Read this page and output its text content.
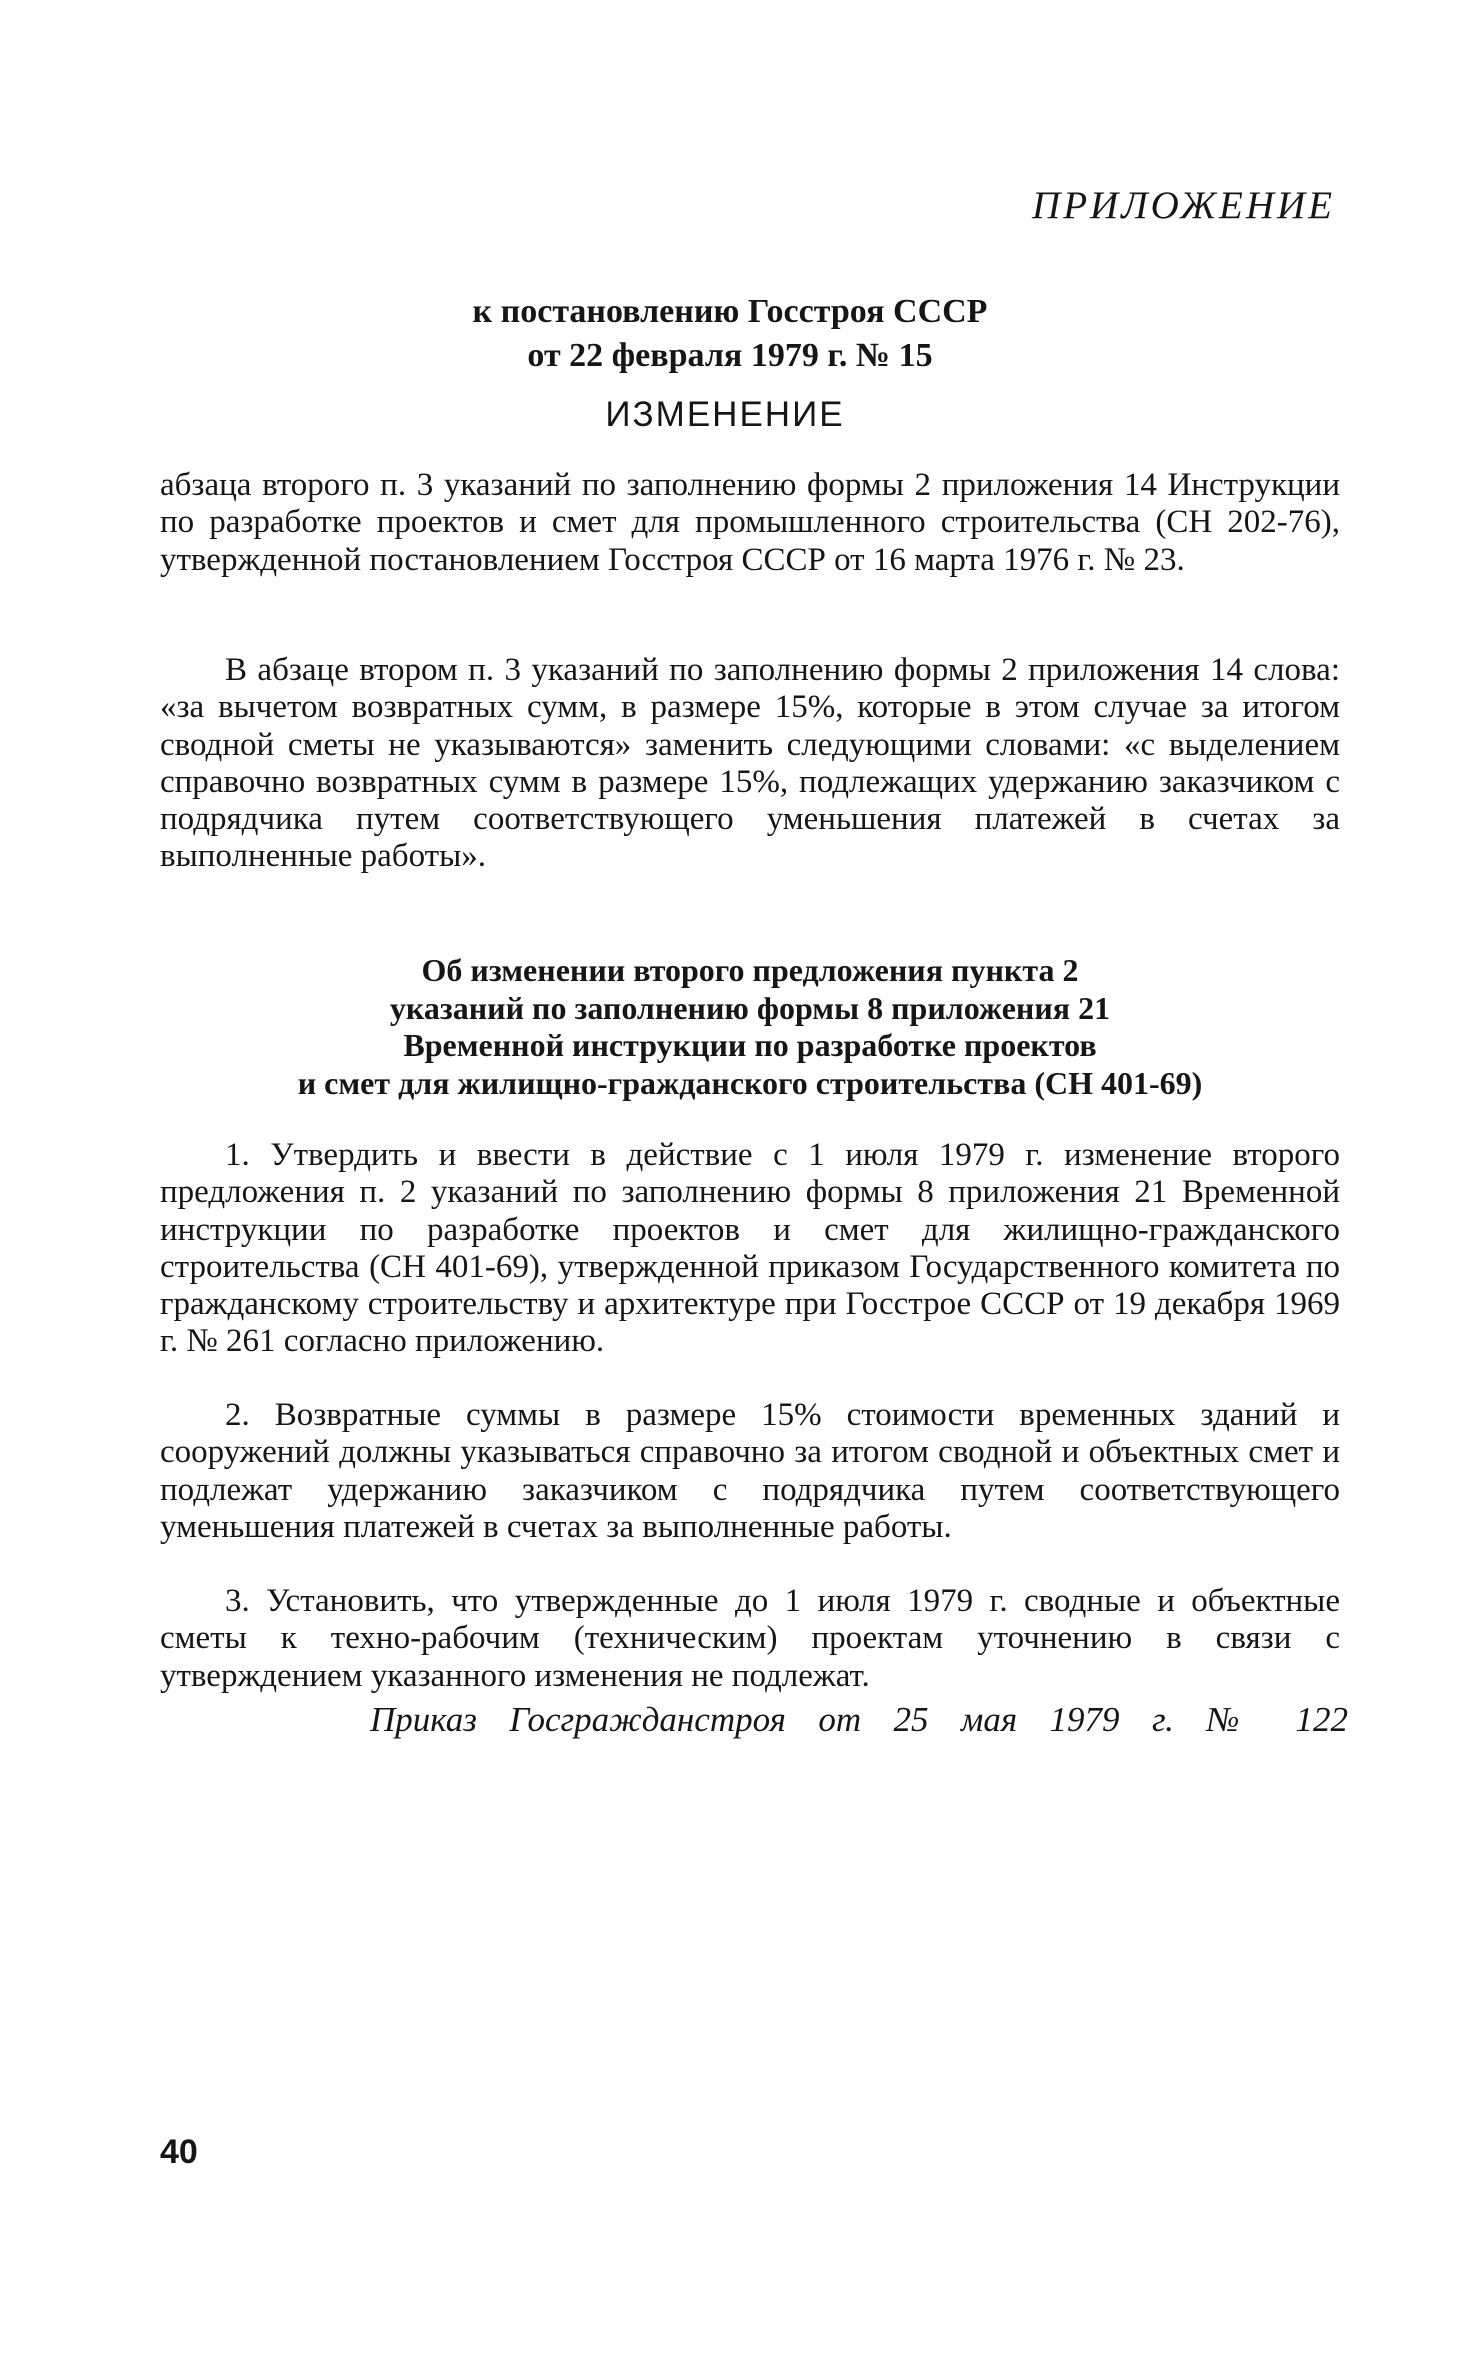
ПРИЛОЖЕНИЕ
к постановлению Госстроя СССР
от 22 февраля 1979 г. № 15
ИЗМЕНЕНИЕ

абзаца второго п. 3 указаний по заполнению формы 2 приложения 14 Инструкции по разработке проектов и смет для промышленного строительства (СН 202-76), утвержденной постановлением Госстроя СССР от 16 марта 1976 г. № 23.

В абзаце втором п. 3 указаний по заполнению формы 2 приложения 14 слова: «за вычетом возвратных сумм, в размере 15%, которые в этом случае за итогом сводной сметы не указываются» заменить следующими словами: «с выделением справочно возвратных сумм в размере 15%, подлежащих удержанию заказчиком с подрядчика путем соответствующего уменьшения платежей в счетах за выполненные работы».

Об изменении второго предложения пункта 2
указаний по заполнению формы 8 приложения 21
Временной инструкции по разработке проектов
и смет для жилищно-гражданского строительства (СН 401-69)

1. Утвердить и ввести в действие с 1 июля 1979 г. изменение второго предложения п. 2 указаний по заполнению формы 8 приложения 21 Временной инструкции по разработке проектов и смет для жилищно-гражданского строительства (СН 401-69), утвержденной приказом Государственного комитета по гражданскому строительству и архитектуре при Госстрое СССР от 19 декабря 1969 г. № 261 согласно приложению.

2. Возвратные суммы в размере 15% стоимости временных зданий и сооружений должны указываться справочно за итогом сводной и объектных смет и подлежат удержанию заказчиком с подрядчика путем соответствующего уменьшения платежей в счетах за выполненные работы.

3. Установить, что утвержденные до 1 июля 1979 г. сводные и объектные сметы к техно-рабочим (техническим) проектам уточнению в связи с утверждением указанного изменения не подлежат.

Приказ Госгражданстроя от 25 мая 1979 г. № 122
40
